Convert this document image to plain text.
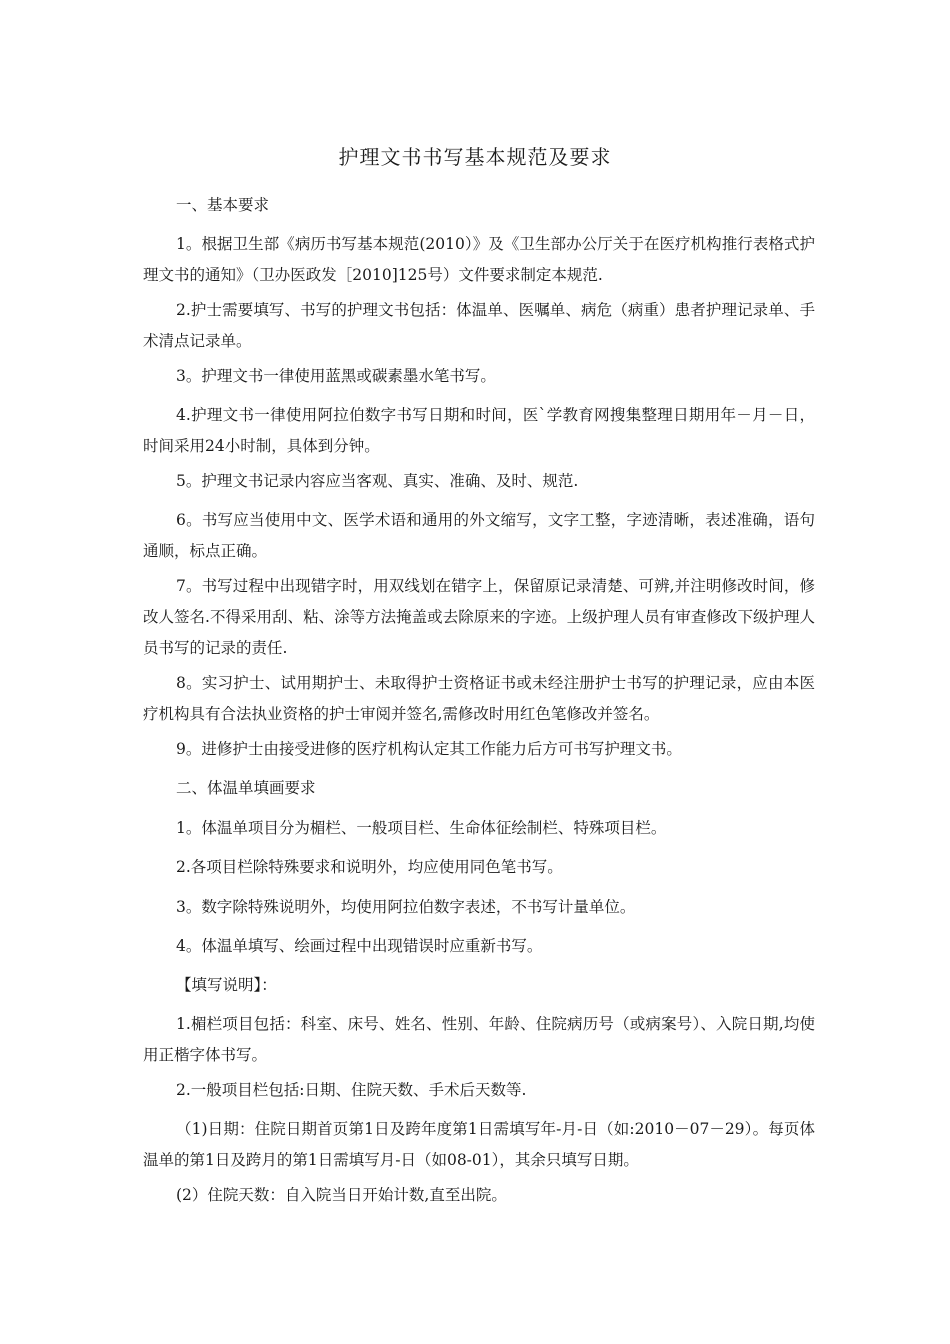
护理文书书写基本规范及要求

一、基本要求

1。根据卫生部《病历书写基本规范(2010）》及《卫生部办公厅关于在医疗机构推行表格式护理文书的通知》（卫办医政发［2010]125号）文件要求制定本规范.

2.护士需要填写、书写的护理文书包括：体温单、医嘱单、病危（病重）患者护理记录单、手术清点记录单。

3。护理文书一律使用蓝黑或碳素墨水笔书写。

4.护理文书一律使用阿拉伯数字书写日期和时间，医`学教育网搜集整理日期用年－月－日，时间采用24小时制，具体到分钟。

5。护理文书记录内容应当客观、真实、准确、及时、规范.

6。书写应当使用中文、医学术语和通用的外文缩写，文字工整，字迹清晰，表述准确，语句通顺，标点正确。

7。书写过程中出现错字时，用双线划在错字上，保留原记录清楚、可辨,并注明修改时间，修改人签名.不得采用刮、粘、涂等方法掩盖或去除原来的字迹。上级护理人员有审查修改下级护理人员书写的记录的责任.

8。实习护士、试用期护士、未取得护士资格证书或未经注册护士书写的护理记录，应由本医疗机构具有合法执业资格的护士审阅并签名,需修改时用红色笔修改并签名。

9。进修护士由接受进修的医疗机构认定其工作能力后方可书写护理文书。

二、体温单填画要求

1。体温单项目分为楣栏、一般项目栏、生命体征绘制栏、特殊项目栏。

2.各项目栏除特殊要求和说明外，均应使用同色笔书写。

3。数字除特殊说明外，均使用阿拉伯数字表述，不书写计量单位。

4。体温单填写、绘画过程中出现错误时应重新书写。

【填写说明】：

1.楣栏项目包括：科室、床号、姓名、性别、年龄、住院病历号（或病案号）、入院日期,均使用正楷字体书写。

2.一般项目栏包括:日期、住院天数、手术后天数等.

（1)日期：住院日期首页第1日及跨年度第1日需填写年-月-日（如:2010－07－29）。每页体温单的第1日及跨月的第1日需填写月-日（如08-01），其余只填写日期。

(2）住院天数：自入院当日开始计数,直至出院。
